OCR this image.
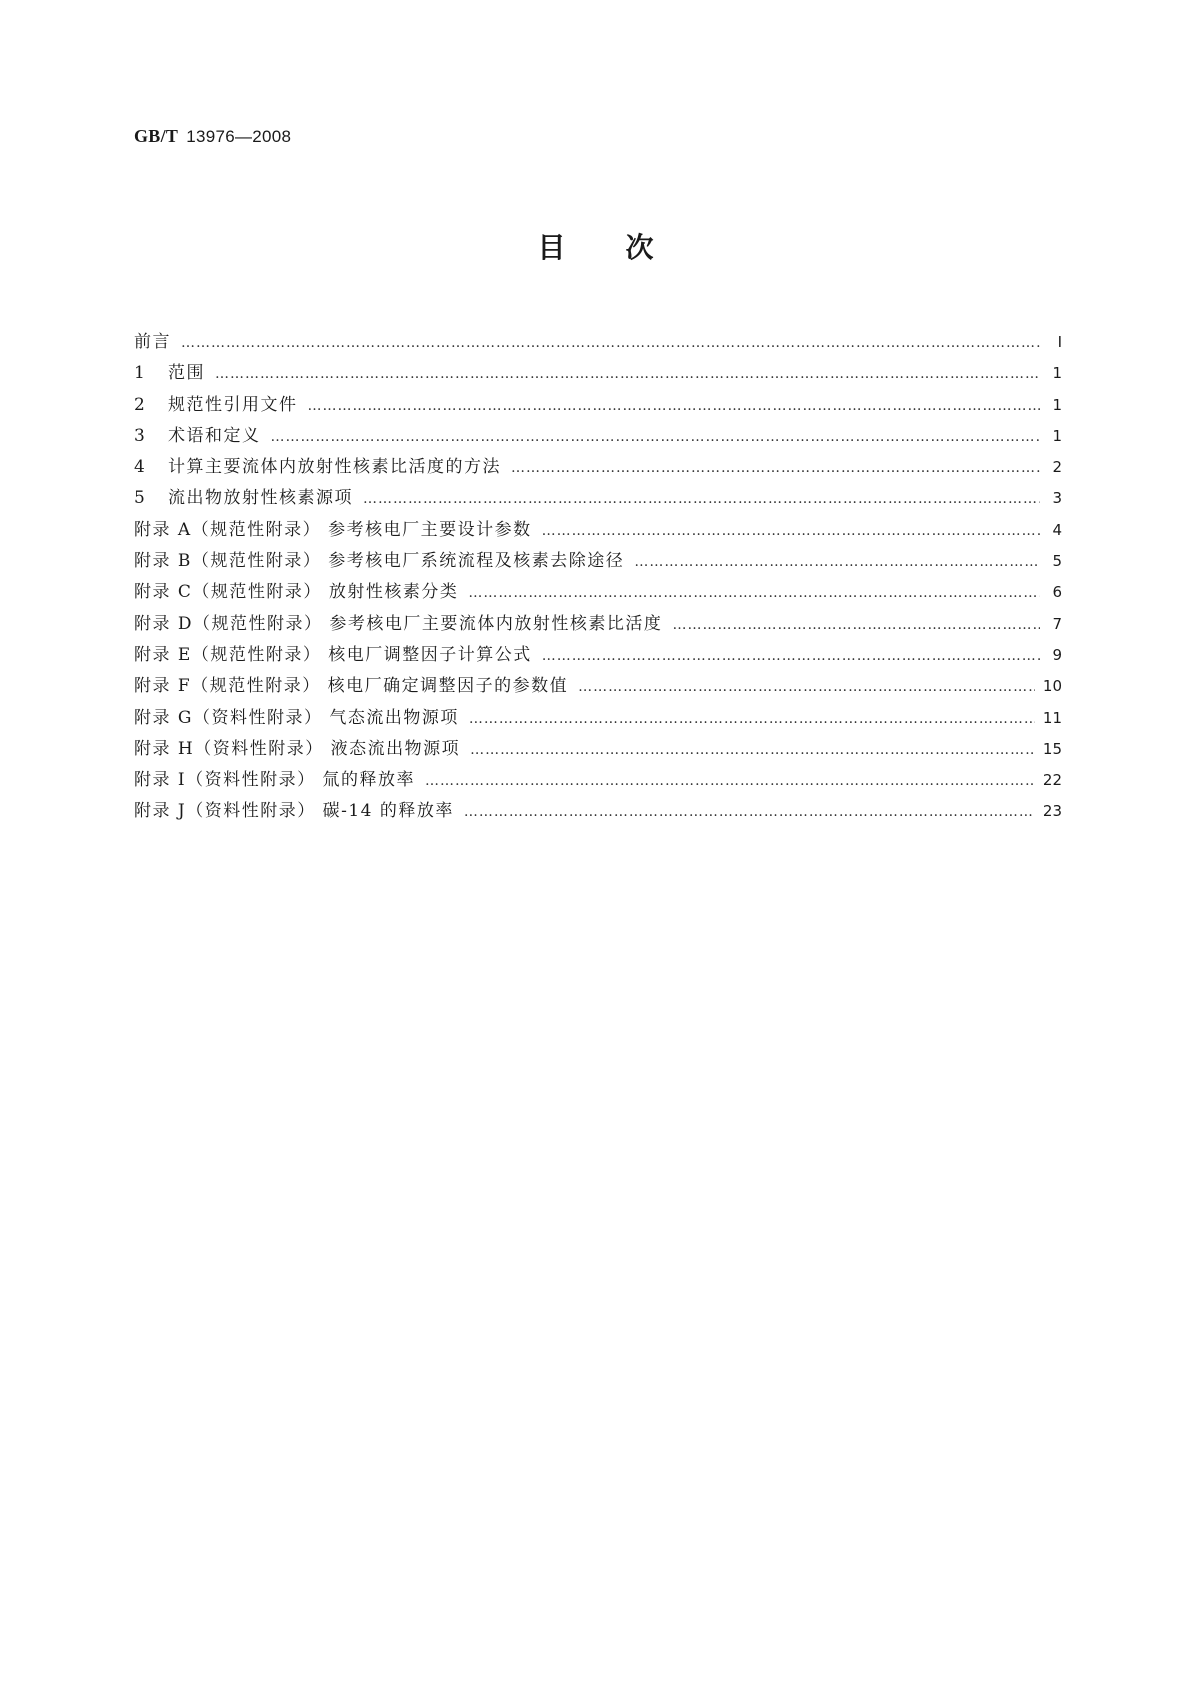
GB/T 13976—2008
目次
前言 ……………………………………………………………………………………………………………………………………………………………………………………………………………………………………………	Ⅰ
1 范围 ……………………………………………………………………………………………………………………………………………………………………………………………………………………………………………	1
2 规范性引用文件 ……………………………………………………………………………………………………………………………………………………………………………………………………………………………………………	1
3 术语和定义 ……………………………………………………………………………………………………………………………………………………………………………………………………………………………………………	1
4 计算主要流体内放射性核素比活度的方法 ……………………………………………………………………………………………………………………………………………………………………………………………………………………………………………	2
5 流出物放射性核素源项 ……………………………………………………………………………………………………………………………………………………………………………………………………………………………………………	3
附录 A（规范性附录） 参考核电厂主要设计参数 ……………………………………………………………………………………………………………………………………………………………………………………………………………………………………………	4
附录 B（规范性附录） 参考核电厂系统流程及核素去除途径 ……………………………………………………………………………………………………………………………………………………………………………………………………………………………………………	5
附录 C（规范性附录） 放射性核素分类 ……………………………………………………………………………………………………………………………………………………………………………………………………………………………………………	6
附录 D（规范性附录） 参考核电厂主要流体内放射性核素比活度 ……………………………………………………………………………………………………………………………………………………………………………………………………………………………………………	7
附录 E（规范性附录） 核电厂调整因子计算公式 ……………………………………………………………………………………………………………………………………………………………………………………………………………………………………………	9
附录 F（规范性附录） 核电厂确定调整因子的参数值 ……………………………………………………………………………………………………………………………………………………………………………………………………………………………………………	10
附录 G（资料性附录） 气态流出物源项 ……………………………………………………………………………………………………………………………………………………………………………………………………………………………………………	11
附录 H（资料性附录） 液态流出物源项 ……………………………………………………………………………………………………………………………………………………………………………………………………………………………………………	15
附录 I（资料性附录） 氚的释放率 ……………………………………………………………………………………………………………………………………………………………………………………………………………………………………………	22
附录 J（资料性附录） 碳-14 的释放率 ……………………………………………………………………………………………………………………………………………………………………………………………………………………………………………	23
